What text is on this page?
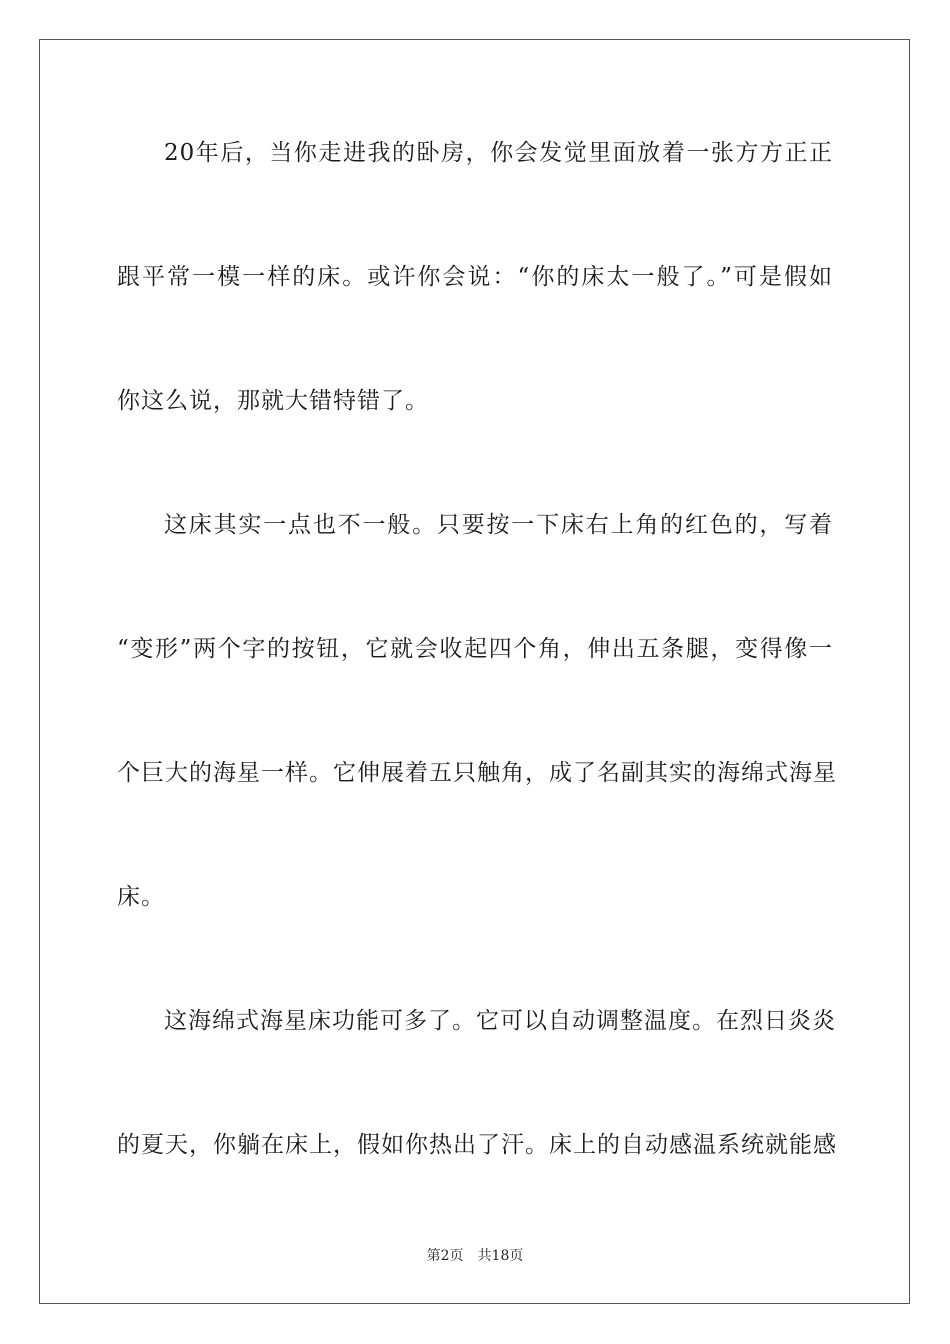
20年后，当你走进我的卧房，你会发觉里面放着一张方方正正
跟平常一模一样的床。或许你会说：“你的床太一般了。”可是假如
你这么说，那就大错特错了。
这床其实一点也不一般。只要按一下床右上角的红色的，写着
“变形”两个字的按钮，它就会收起四个角，伸出五条腿，变得像一
个巨大的海星一样。它伸展着五只触角，成了名副其实的海绵式海星
床。
这海绵式海星床功能可多了。它可以自动调整温度。在烈日炎炎
的夏天，你躺在床上，假如你热出了汗。床上的自动感温系统就能感
第2页 共18页
